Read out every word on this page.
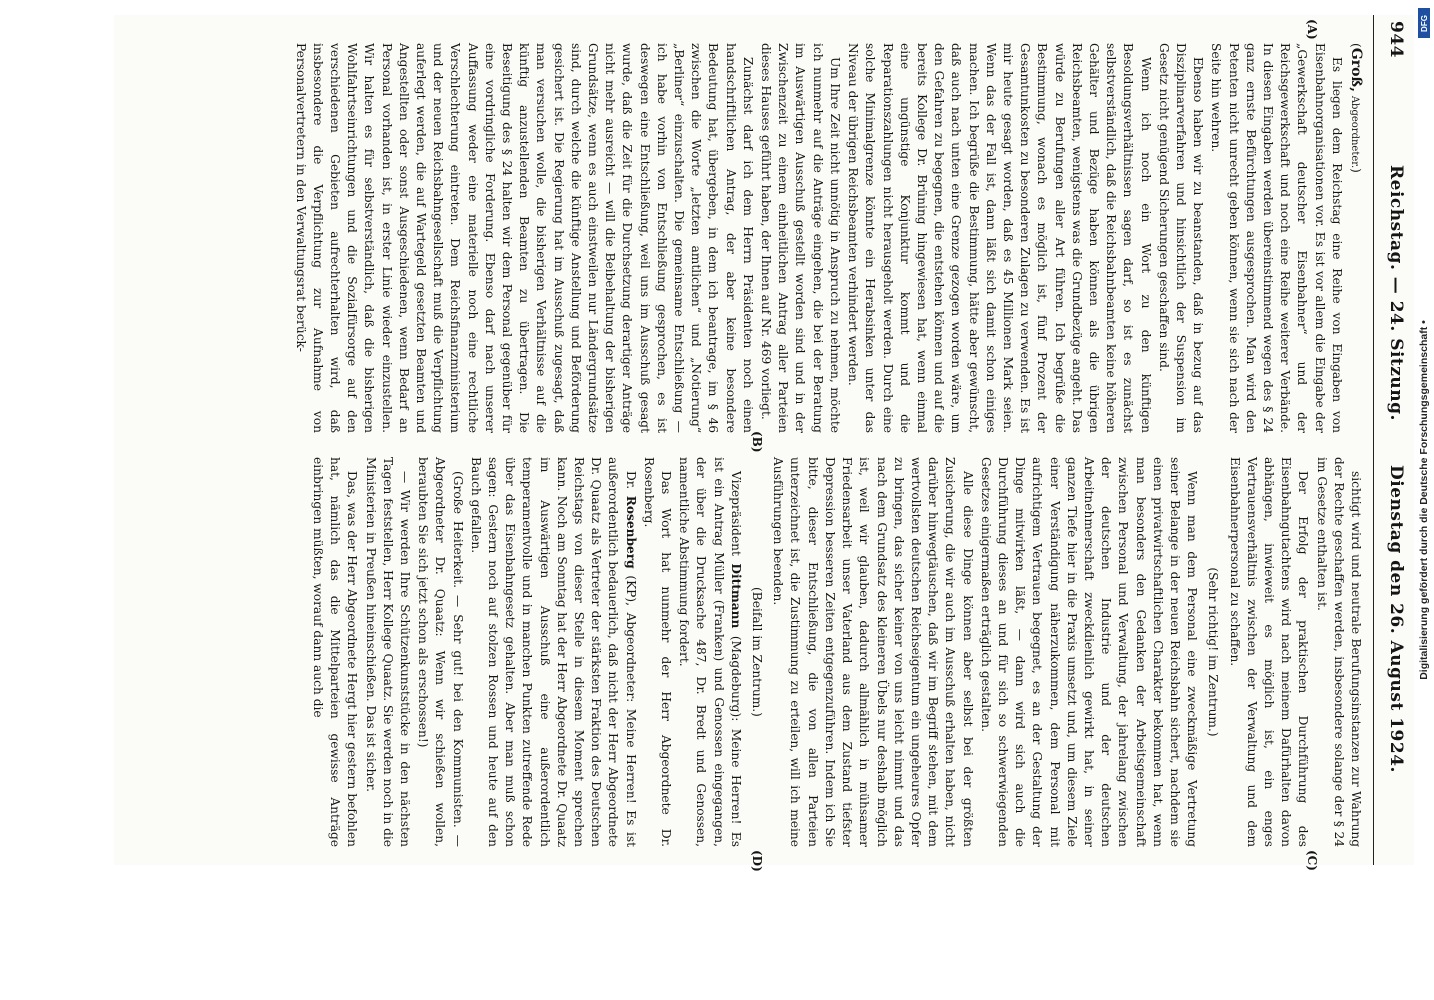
944
Reichstag. — 24. Sitzung.
Dienstag den 26. August 1924.
(A)
(B)
(C)
(D)

(Groß, Abgeordneter.)

Es liegen dem Reichstag eine Reihe von Eingaben von Eisenbahnorganisationen vor. Es ist vor allem die Eingabe der „Gewerkschaft deutscher Eisenbahner“ und der Reichsgewerkschaft und noch eine Reihe weiterer Verbände. In diesen Eingaben werden übereinstimmend wegen des § 24 ganz ernste Befürchtungen ausgesprochen. Man wird den Petenten nicht unrecht geben können, wenn sie sich nach der Seite hin wehren.

Ebenso haben wir zu beanstanden, daß in bezug auf das Disziplinarverfahren und hinsichtlich der Suspension im Gesetz nicht genügend Sicherungen geschaffen sind.

Wenn ich noch ein Wort zu den künftigen Besoldungsverhältnissen sagen darf, so ist es zunächst selbstverständlich, daß die Reichsbahnbeamten keine höheren Gehälter und Bezüge haben können als die übrigen Reichsbeamten, wenigstens was die Grundbezüge angeht. Das würde zu Berufungen aller Art führen. Ich begrüße die Bestimmung, wonach es möglich ist, fünf Prozent der Gesamtunkosten zu besonderen Zulagen zu verwenden. Es ist mir heute gesagt worden, daß es 45 Millionen Mark seien. Wenn das der Fall ist, dann läßt sich damit schon einiges machen. Ich begrüße die Bestimmung, hätte aber gewünscht, daß auch nach unten eine Grenze gezogen worden wäre, um den Gefahren zu begegnen, die entstehen können und auf die bereits Kollege Dr. Brüning hingewiesen hat, wenn einmal eine ungünstige Konjunktur kommt und die Reparationszahlungen nicht herausgeholt werden. Durch eine solche Minimalgrenze könnte ein Herabsinken unter das Niveau der übrigen Reichsbeamten verhindert werden.

Um Ihre Zeit nicht unnötig in Anspruch zu nehmen, möchte ich nunmehr auf die Anträge eingehen, die bei der Beratung im Auswärtigen Ausschuß gestellt worden sind und in der Zwischenzeit zu einem einheitlichen Antrag aller Parteien dieses Hauses geführt haben, der Ihnen auf Nr. 469 vorliegt.

Zunächst darf ich dem Herrn Präsidenten noch einen handschriftlichen Antrag, der aber keine besondere Bedeutung hat, übergeben, in dem ich beantrage, im § 46 zwischen die Worte „letzten amtlichen“ und „Notierung“ „Berliner“ einzuschalten. Die gemeinsame Entschließung — ich habe vorhin von Entschließung gesprochen, es ist deswegen eine Entschließung, weil uns im Ausschuß gesagt wurde, daß die Zeit für die Durchsetzung derartiger Anträge nicht mehr ausreicht — will die Beibehaltung der bisherigen Grundsätze, wenn es auch einstweilen nur Ländergrundsätze sind, durch welche die künftige Anstellung und Beförderung gesichert ist. Die Regierung hat im Ausschuß zugesagt, daß man versuchen wolle, die bisherigen Verhältnisse auf die künftig anzustellenden Beamten zu übertragen. Die Beseitigung des § 24 halten wir dem Personal gegenüber für eine vordringliche Forderung. Ebenso darf nach unserer Auffassung weder eine materielle noch eine rechtliche Verschlechterung eintreten. Dem Reichsfinanzministerium und der neuen Reichsbahngesellschaft muß die Verpflichtung auferlegt werden, die auf Wartegeld gesetzten Beamten und Angestellten oder sonst Ausgeschiedenen, wenn Bedarf an Personal vorhanden ist, in erster Linie wieder einzustellen. Wir halten es für selbstverständlich, daß die bisherigen Wohlfahrtseinrichtungen und die Sozialfürsorge auf den verschiedenen Gebieten aufrechterhalten wird, daß insbesondere die Verpflichtung zur Aufnahme von Personalvertretern in den Verwaltungsrat berück-

sichtigt wird und neutrale Berufungsinstanzen zur Wahrung der Rechte geschaffen werden, insbesondere solange der § 24 im Gesetze enthalten ist.

Der Erfolg der praktischen Durchführung des Eisenbahngutachtens wird nach meinem Dafürhalten davon abhängen, inwieweit es möglich ist, ein enges Vertrauensverhältnis zwischen der Verwaltung und dem Eisenbahnerpersonal zu schaffen.

(Sehr richtig! im Zentrum.)

Wenn man dem Personal eine zweckmäßige Vertretung seiner Belange in der neuen Reichsbahn sichert, nachdem sie einen privatwirtschaftlichen Charakter bekommen hat, wenn man besonders den Gedanken der Arbeitsgemeinschaft zwischen Personal und Verwaltung, der jahrelang zwischen der deutschen Industrie und der deutschen Arbeitnehmerschaft zweckdienlich gewirkt hat, in seiner ganzen Tiefe hier in die Praxis umsetzt und, um diesem Ziele einer Verständigung näherzukommen, dem Personal mit aufrichtigem Vertrauen begegnet, es an der Gestaltung der Dinge mitwirken läßt, — dann wird sich auch die Durchführung dieses an und für sich so schwerwiegenden Gesetzes einigermaßen erträglich gestalten.

Alle diese Dinge können aber selbst bei der größten Zusicherung, die wir auch im Ausschuß erhalten haben, nicht darüber hinwegtäuschen, daß wir im Begriff stehen, mit dem wertvollsten deutschen Reichseigentum ein ungeheures Opfer zu bringen, das sicher keiner von uns leicht nimmt und das nach dem Grundsatz des kleineren Übels nur deshalb möglich ist, weil wir glauben, dadurch allmählich in mühsamer Friedensarbeit unser Vaterland aus dem Zustand tiefster Depression besseren Zeiten entgegenzuführen. Indem ich Sie bitte, dieser Entschließung, die von allen Parteien unterzeichnet ist, die Zustimmung zu erteilen, will ich meine Ausführungen beenden.

(Beifall im Zentrum.)

Vizepräsident Dittmann (Magdeburg): Meine Herren! Es ist ein Antrag Müller (Franken) und Genossen eingegangen, der über die Drucksache 487, Dr. Bredt und Genossen, namentliche Abstimmung fordert.

Das Wort hat nunmehr der Herr Abgeordnete Dr. Rosenberg.

Dr. Rosenberg (KP), Abgeordneter: Meine Herren! Es ist außerordentlich bedauerlich, daß nicht der Herr Abgeordnete Dr. Quaatz als Vertreter der stärksten Fraktion des Deutschen Reichstags von dieser Stelle in diesem Moment sprechen kann. Noch am Sonntag hat der Herr Abgeordnete Dr. Quaatz im Auswärtigen Ausschuß eine außerordentlich temperamentvolle und in manchen Punkten zutreffende Rede über das Eisenbahngesetz gehalten. Aber man muß schon sagen: Gestern noch auf stolzen Rossen und heute auf den Bauch gefallen.

(Große Heiterkeit. — Sehr gut! bei den Kommunisten. — Abgeordneter Dr. Quaatz: Wenn wir schießen wollen, beraubten Sie sich jetzt schon als erschossen!)

— Wir werden Ihre Schützenkunststücke in den nächsten Tagen feststellen, Herr Kollege Quaatz. Sie werden noch in die Ministerien in Preußen hineinschießen. Das ist sicher.

Das, was der Herr Abgeordnete Hergt hier gestern befohlen hat, nämlich das die Mittelparteien gewisse Anträge einbringen müßten, worauf dann auch die

DFG
Digitalisierung gefördert durch die Deutsche Forschungsgemeinschaft •
